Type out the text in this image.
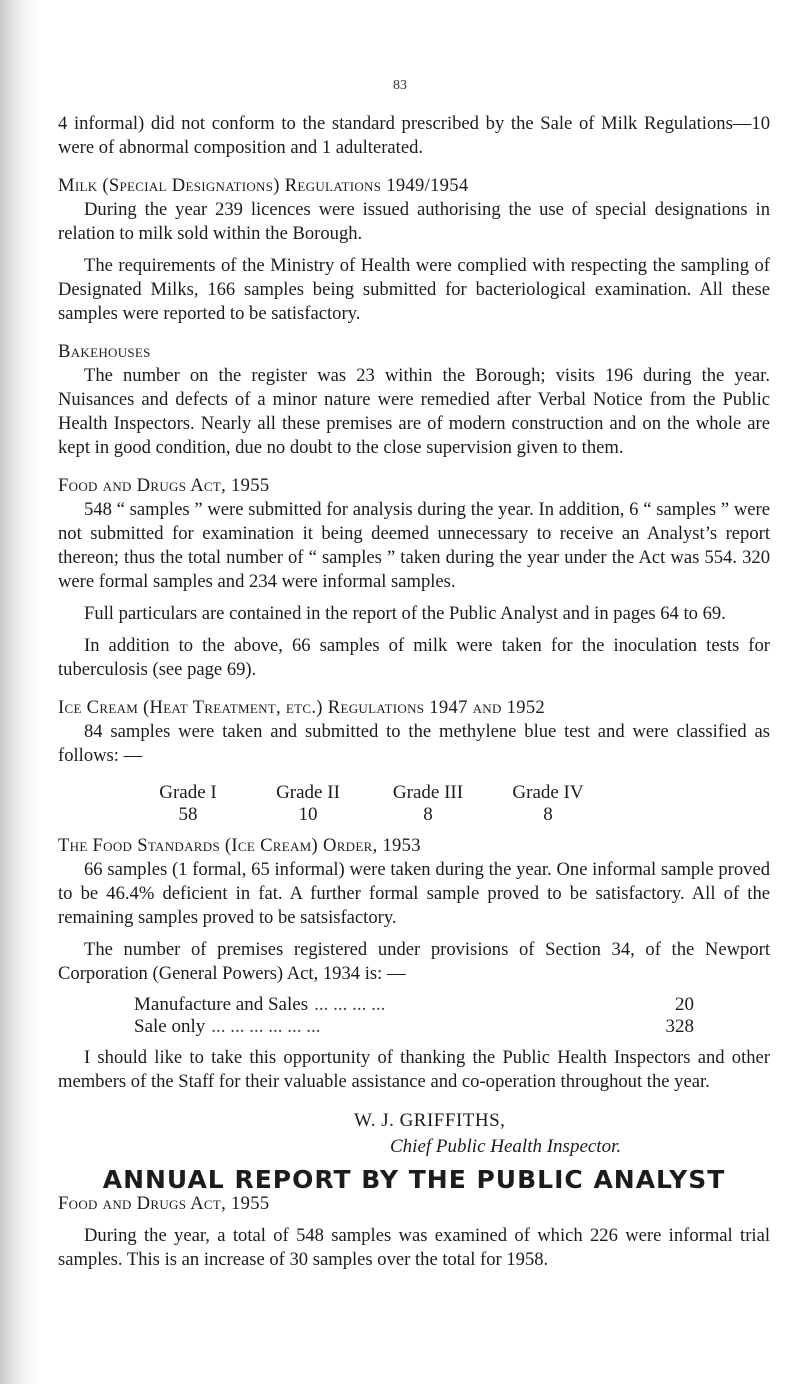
83

4 informal) did not conform to the standard prescribed by the Sale of Milk Regulations—10 were of abnormal composition and 1 adulterated.

Milk (Special Designations) Regulations 1949/1954

During the year 239 licences were issued authorising the use of special designations in relation to milk sold within the Borough.

The requirements of the Ministry of Health were complied with respecting the sampling of Designated Milks, 166 samples being submitted for bacteriological examination. All these samples were reported to be satisfactory.

Bakehouses

The number on the register was 23 within the Borough; visits 196 during the year. Nuisances and defects of a minor nature were remedied after Verbal Notice from the Public Health Inspectors. Nearly all these premises are of modern construction and on the whole are kept in good condition, due no doubt to the close supervision given to them.

Food and Drugs Act, 1955

548 “ samples ” were submitted for analysis during the year. In addition, 6 “ samples ” were not submitted for examination it being deemed unnecessary to receive an Analyst’s report thereon; thus the total number of “ samples ” taken during the year under the Act was 554. 320 were formal samples and 234 were informal samples.

Full particulars are contained in the report of the Public Analyst and in pages 64 to 69.

In addition to the above, 66 samples of milk were taken for the inoculation tests for tuberculosis (see page 69).

Ice Cream (Heat Treatment, etc.) Regulations 1947 and 1952

84 samples were taken and submitted to the methylene blue test and were classified as follows: —

Grade I	Grade II	Grade III	Grade IV
58	10	8	8
The Food Standards (Ice Cream) Order, 1953

66 samples (1 formal, 65 informal) were taken during the year. One informal sample proved to be 46.4% deficient in fat. A further formal sample proved to be satisfactory. All of the remaining samples proved to be satsisfactory.

The number of premises registered under provisions of Section 34, of the Newport Corporation (General Powers) Act, 1934 is: —

Manufacture and Sales ... ... ... ...	20
Sale only ... ... ... ... ... ...	328

I should like to take this opportunity of thanking the Public Health Inspectors and other members of the Staff for their valuable assistance and co-operation throughout the year.

W. J. GRIFFITHS,
Chief Public Health Inspector.
ANNUAL REPORT BY THE PUBLIC ANALYST
Food and Drugs Act, 1955

During the year, a total of 548 samples was examined of which 226 were informal trial samples. This is an increase of 30 samples over the total for 1958.
